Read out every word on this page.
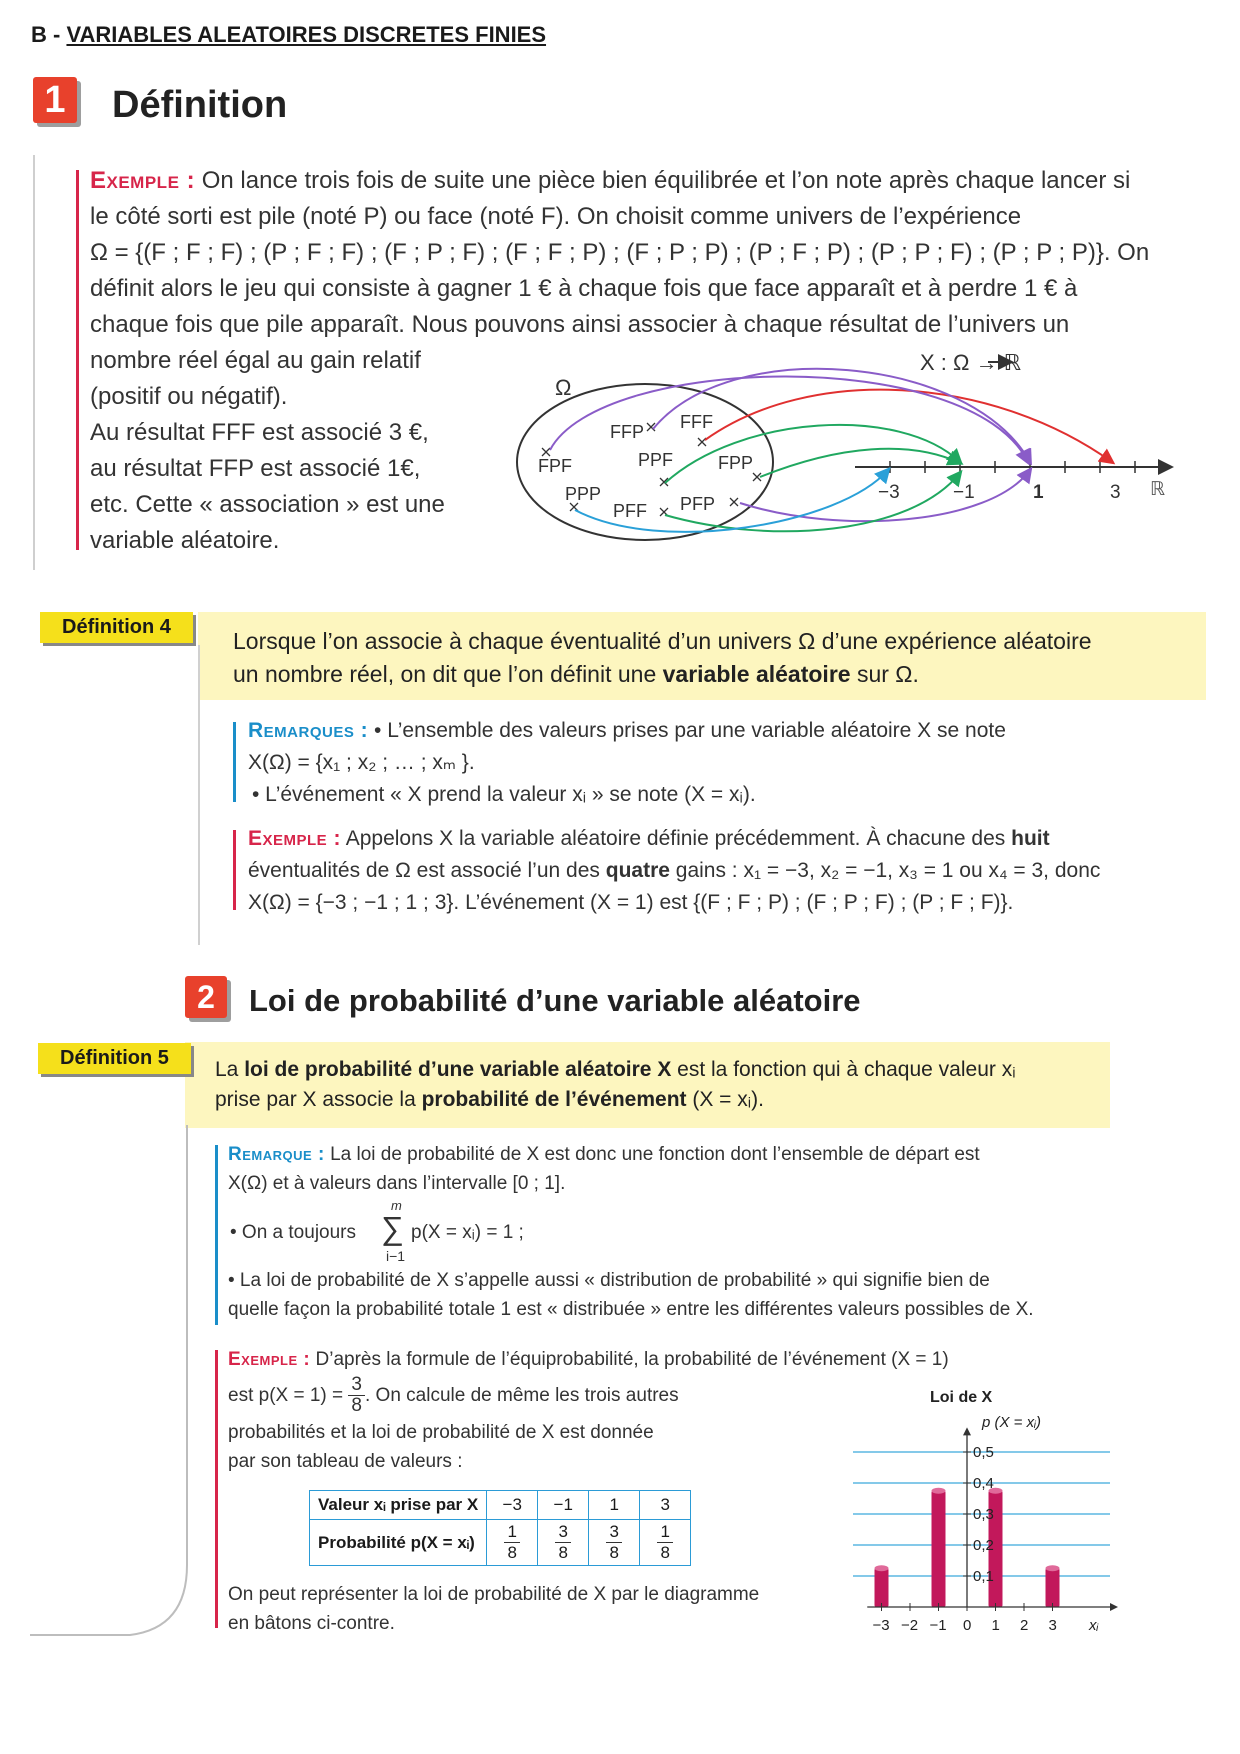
B - VARIABLES ALEATOIRES DISCRETES FINIES
1	Définition
Exemple : On lance trois fois de suite une pièce bien équilibrée et l’on note après chaque lancer si
le côté sorti est pile (noté P) ou face (noté F). On choisit comme univers de l’expérience
Ω = {(F ; F ; F) ; (P ; F ; F) ; (F ; P ; F) ; (F ; F ; P) ; (F ; P ; P) ; (P ; F ; P) ; (P ; P ; F) ; (P ; P ; P)}. On
définit alors le jeu qui consiste à gagner 1 € à chaque fois que face apparaît et à perdre 1 € à
chaque fois que pile apparaît. Nous pouvons ainsi associer à chaque résultat de l’univers un
nombre réel égal au gain relatif
(positif ou négatif).
Au résultat FFF est associé 3 €,
au résultat FFP est associé 1€,
etc. Cette « association » est une
variable aléatoire.
X : Ω → ℝ
Ω
−3	−1	1	3 ℝ
FFP FFF
FPF	PPF FPP
PPP
PFF PFP
Définition 4
Lorsque l’on associe à chaque éventualité d’un univers Ω d’une expérience aléatoire
un nombre réel, on dit que l’on définit une variable aléatoire sur Ω.
Remarques : • L’ensemble des valeurs prises par une variable aléatoire X se note
X(Ω) = {x₁ ; x₂ ; … ; xₘ }.
• L’événement « X prend la valeur xᵢ » se note (X = xᵢ).
Exemple : Appelons X la variable aléatoire définie précédemment. À chacune des huit
éventualités de Ω est associé l’un des quatre gains : x₁ = −3, x₂ = −1, x₃ = 1 ou x₄ = 3, donc
X(Ω) = {−3 ; −1 ; 1 ; 3}. L’événement (X = 1) est {(F ; F ; P) ; (F ; P ; F) ; (P ; F ; F)}.
2	Loi de probabilité d’une variable aléatoire
Définition 5	La loi de probabilité d’une variable aléatoire X est la fonction qui à chaque valeur xᵢ
prise par X associe la probabilité de l’événement (X = xᵢ).
Remarque : La loi de probabilité de X est donc une fonction dont l’ensemble de départ est
X(Ω) et à valeurs dans l’intervalle [0 ; 1].
• On a toujours
m
∑
i−1
p(X = xᵢ) = 1 ;
• La loi de probabilité de X s’appelle aussi « distribution de probabilité » qui signifie bien de
quelle façon la probabilité totale 1 est « distribuée » entre les différentes valeurs possibles de X.
Exemple : D’après la formule de l’équiprobabilité, la probabilité de l’événement (X = 1)
est $p(X = 1) = \frac{3}{8}$ . On calcule de même les trois autres
probabilités et la loi de probabilité de X est donnée
par son tableau de valeurs :
Valeur xᵢ prise par X	−3	−1	1	3
Probabilité p(X = xᵢ)	$\frac{1}{8}$	$\frac{3}{8}$	$\frac{3}{8}$	$\frac{1}{8}$
On peut représenter la loi de probabilité de X par le diagramme
en bâtons ci-contre.
Loi de X
p (X = xᵢ)
xᵢ
−3 −2 −1 0 1 2 3
0,1
0,2
0,3
0,4
0,5
